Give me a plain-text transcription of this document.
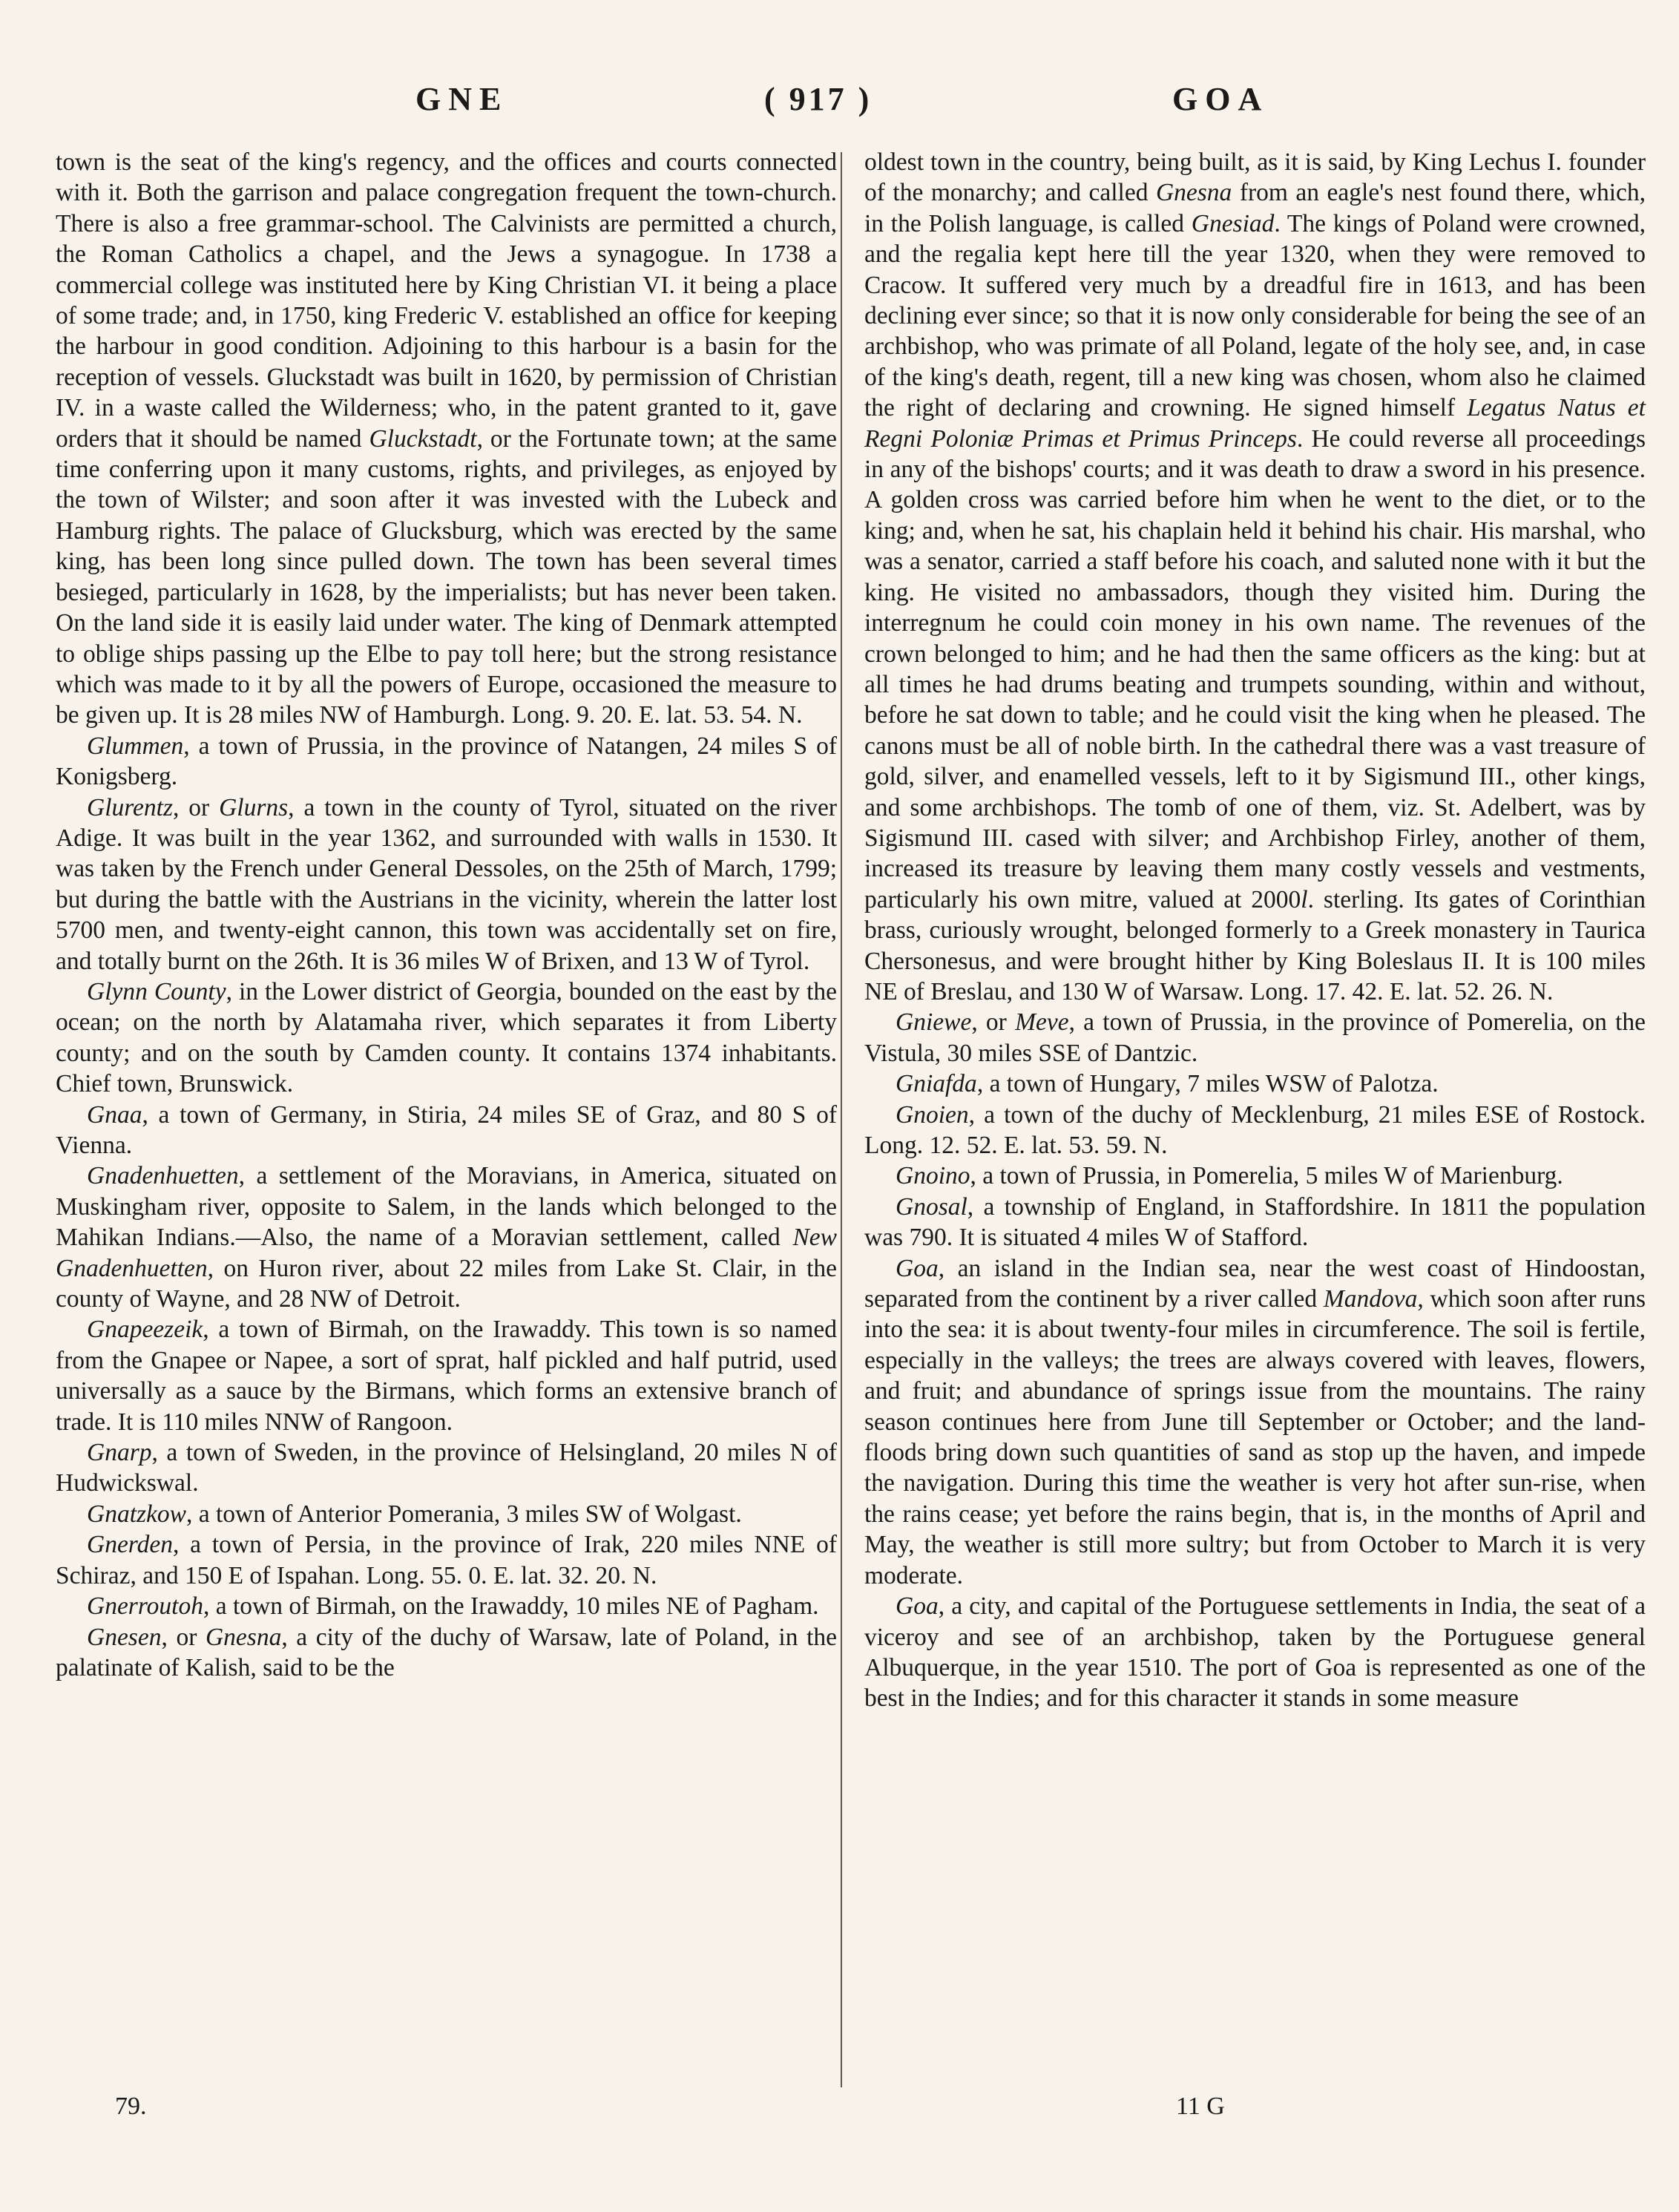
GNE	( 917 )	GOA

town is the seat of the king's regency, and the offices and courts connected with it. Both the garrison and palace congregation frequent the town-church. There is also a free grammar-school. The Calvinists are permitted a church, the Roman Catholics a chapel, and the Jews a synagogue. In 1738 a commercial college was instituted here by King Christian VI. it being a place of some trade; and, in 1750, king Frederic V. established an office for keeping the harbour in good condition. Adjoining to this harbour is a basin for the reception of vessels. Gluckstadt was built in 1620, by permission of Christian IV. in a waste called the Wilderness; who, in the patent granted to it, gave orders that it should be named Gluckstadt, or the Fortunate town; at the same time conferring upon it many customs, rights, and privileges, as enjoyed by the town of Wilster; and soon after it was invested with the Lubeck and Hamburg rights. The palace of Glucksburg, which was erected by the same king, has been long since pulled down. The town has been several times besieged, particularly in 1628, by the imperialists; but has never been taken. On the land side it is easily laid under water. The king of Denmark attempted to oblige ships passing up the Elbe to pay toll here; but the strong resistance which was made to it by all the powers of Europe, occasioned the measure to be given up. It is 28 miles NW of Hamburgh. Long. 9. 20. E. lat. 53. 54. N.

Glummen, a town of Prussia, in the province of Natangen, 24 miles S of Konigsberg.

Glurentz, or Glurns, a town in the county of Tyrol, situated on the river Adige. It was built in the year 1362, and surrounded with walls in 1530. It was taken by the French under General Dessoles, on the 25th of March, 1799; but during the battle with the Austrians in the vicinity, wherein the latter lost 5700 men, and twenty-eight cannon, this town was accidentally set on fire, and totally burnt on the 26th. It is 36 miles W of Brixen, and 13 W of Tyrol.

Glynn County, in the Lower district of Georgia, bounded on the east by the ocean; on the north by Alatamaha river, which separates it from Liberty county; and on the south by Camden county. It contains 1374 inhabitants. Chief town, Brunswick.

Gnaa, a town of Germany, in Stiria, 24 miles SE of Graz, and 80 S of Vienna.

Gnadenhuetten, a settlement of the Moravians, in America, situated on Muskingham river, opposite to Salem, in the lands which belonged to the Mahikan Indians.—Also, the name of a Moravian settlement, called New Gnadenhuetten, on Huron river, about 22 miles from Lake St. Clair, in the county of Wayne, and 28 NW of Detroit.

Gnapeezeik, a town of Birmah, on the Irawaddy. This town is so named from the Gnapee or Napee, a sort of sprat, half pickled and half putrid, used universally as a sauce by the Birmans, which forms an extensive branch of trade. It is 110 miles NNW of Rangoon.

Gnarp, a town of Sweden, in the province of Helsingland, 20 miles N of Hudwickswal.

Gnatzkow, a town of Anterior Pomerania, 3 miles SW of Wolgast.

Gnerden, a town of Persia, in the province of Irak, 220 miles NNE of Schiraz, and 150 E of Ispahan. Long. 55. 0. E. lat. 32. 20. N.

Gnerroutoh, a town of Birmah, on the Irawaddy, 10 miles NE of Pagham.

Gnesen, or Gnesna, a city of the duchy of Warsaw, late of Poland, in the palatinate of Kalish, said to be the

oldest town in the country, being built, as it is said, by King Lechus I. founder of the monarchy; and called Gnesna from an eagle's nest found there, which, in the Polish language, is called Gnesiad. The kings of Poland were crowned, and the regalia kept here till the year 1320, when they were removed to Cracow. It suffered very much by a dreadful fire in 1613, and has been declining ever since; so that it is now only considerable for being the see of an archbishop, who was primate of all Poland, legate of the holy see, and, in case of the king's death, regent, till a new king was chosen, whom also he claimed the right of declaring and crowning. He signed himself Legatus Natus et Regni Poloniæ Primas et Primus Princeps. He could reverse all proceedings in any of the bishops' courts; and it was death to draw a sword in his presence. A golden cross was carried before him when he went to the diet, or to the king; and, when he sat, his chaplain held it behind his chair. His marshal, who was a senator, carried a staff before his coach, and saluted none with it but the king. He visited no ambassadors, though they visited him. During the interregnum he could coin money in his own name. The revenues of the crown belonged to him; and he had then the same officers as the king: but at all times he had drums beating and trumpets sounding, within and without, before he sat down to table; and he could visit the king when he pleased. The canons must be all of noble birth. In the cathedral there was a vast treasure of gold, silver, and enamelled vessels, left to it by Sigismund III., other kings, and some archbishops. The tomb of one of them, viz. St. Adelbert, was by Sigismund III. cased with silver; and Archbishop Firley, another of them, increased its treasure by leaving them many costly vessels and vestments, particularly his own mitre, valued at 2000l. sterling. Its gates of Corinthian brass, curiously wrought, belonged formerly to a Greek monastery in Taurica Chersonesus, and were brought hither by King Boleslaus II. It is 100 miles NE of Breslau, and 130 W of Warsaw. Long. 17. 42. E. lat. 52. 26. N.

Gniewe, or Meve, a town of Prussia, in the province of Pomerelia, on the Vistula, 30 miles SSE of Dantzic.

Gniafda, a town of Hungary, 7 miles WSW of Palotza.

Gnoien, a town of the duchy of Mecklenburg, 21 miles ESE of Rostock. Long. 12. 52. E. lat. 53. 59. N.

Gnoino, a town of Prussia, in Pomerelia, 5 miles W of Marienburg.

Gnosal, a township of England, in Staffordshire. In 1811 the population was 790. It is situated 4 miles W of Stafford.

Goa, an island in the Indian sea, near the west coast of Hindoostan, separated from the continent by a river called Mandova, which soon after runs into the sea: it is about twenty-four miles in circumference. The soil is fertile, especially in the valleys; the trees are always covered with leaves, flowers, and fruit; and abundance of springs issue from the mountains. The rainy season continues here from June till September or October; and the land-floods bring down such quantities of sand as stop up the haven, and impede the navigation. During this time the weather is very hot after sun-rise, when the rains cease; yet before the rains begin, that is, in the months of April and May, the weather is still more sultry; but from October to March it is very moderate.

Goa, a city, and capital of the Portuguese settlements in India, the seat of a viceroy and see of an archbishop, taken by the Portuguese general Albuquerque, in the year 1510. The port of Goa is represented as one of the best in the Indies; and for this character it stands in some measure

79.	11 G
